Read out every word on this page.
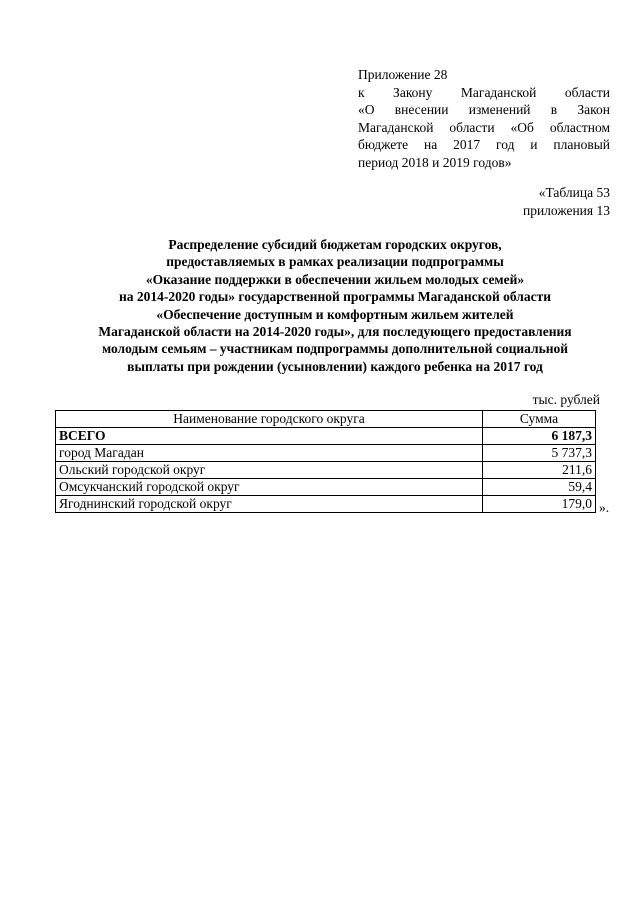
Приложение 28
к Закону Магаданской области
«О внесении изменений в Закон
Магаданской области «Об областном
бюджете на 2017 год и плановый
период 2018 и 2019 годов»
«Таблица 53
приложения 13
Распределение субсидий бюджетам городских округов,
предоставляемых в рамках реализации подпрограммы
«Оказание поддержки в обеспечении жильем молодых семей»
на 2014-2020 годы» государственной программы Магаданской области
«Обеспечение доступным и комфортным жильем жителей
Магаданской области на 2014-2020 годы», для последующего предоставления
молодым семьям – участникам подпрограммы дополнительной социальной
выплаты при рождении (усыновлении) каждого ребенка на 2017 год
тыс. рублей
Наименование городского округа	Сумма
ВСЕГО	6 187,3
город Магадан	5 737,3
Ольский городской округ	211,6
Омсукчанский городской округ	59,4
Ягоднинский городской округ	179,0 ».
